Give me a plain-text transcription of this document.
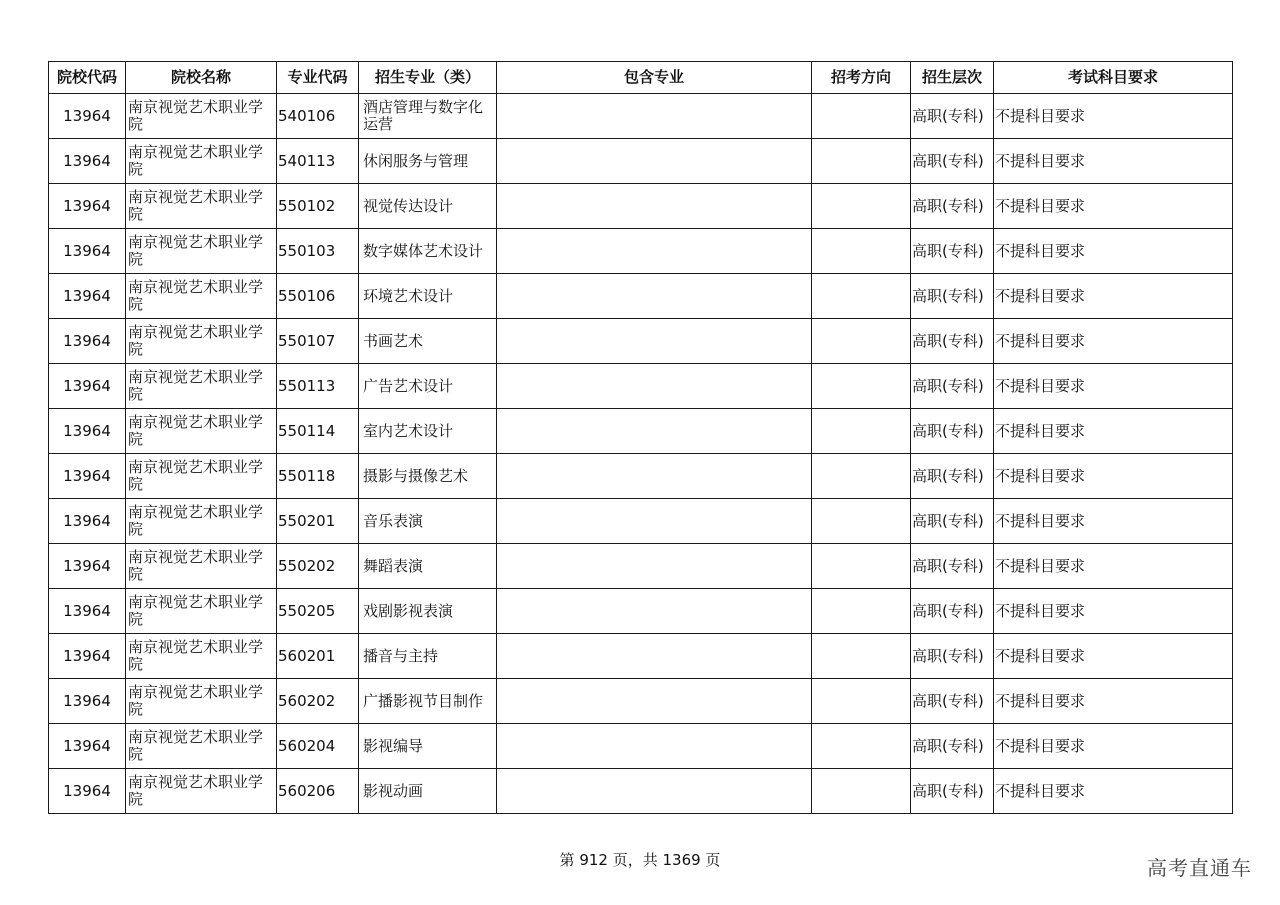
院校代码	院校名称	专业代码	招生专业（类）	包含专业	招考方向	招生层次	考试科目要求
13964	南京视觉艺术职业学院	540106	酒店管理与数字化运营			高职(专科)	不提科目要求
13964	南京视觉艺术职业学院	540113	休闲服务与管理			高职(专科)	不提科目要求
13964	南京视觉艺术职业学院	550102	视觉传达设计			高职(专科)	不提科目要求
13964	南京视觉艺术职业学院	550103	数字媒体艺术设计			高职(专科)	不提科目要求
13964	南京视觉艺术职业学院	550106	环境艺术设计			高职(专科)	不提科目要求
13964	南京视觉艺术职业学院	550107	书画艺术			高职(专科)	不提科目要求
13964	南京视觉艺术职业学院	550113	广告艺术设计			高职(专科)	不提科目要求
13964	南京视觉艺术职业学院	550114	室内艺术设计			高职(专科)	不提科目要求
13964	南京视觉艺术职业学院	550118	摄影与摄像艺术			高职(专科)	不提科目要求
13964	南京视觉艺术职业学院	550201	音乐表演			高职(专科)	不提科目要求
13964	南京视觉艺术职业学院	550202	舞蹈表演			高职(专科)	不提科目要求
13964	南京视觉艺术职业学院	550205	戏剧影视表演			高职(专科)	不提科目要求
13964	南京视觉艺术职业学院	560201	播音与主持			高职(专科)	不提科目要求
13964	南京视觉艺术职业学院	560202	广播影视节目制作			高职(专科)	不提科目要求
13964	南京视觉艺术职业学院	560204	影视编导			高职(专科)	不提科目要求
13964	南京视觉艺术职业学院	560206	影视动画			高职(专科)	不提科目要求
第 912 页，共 1369 页	高考直通车
